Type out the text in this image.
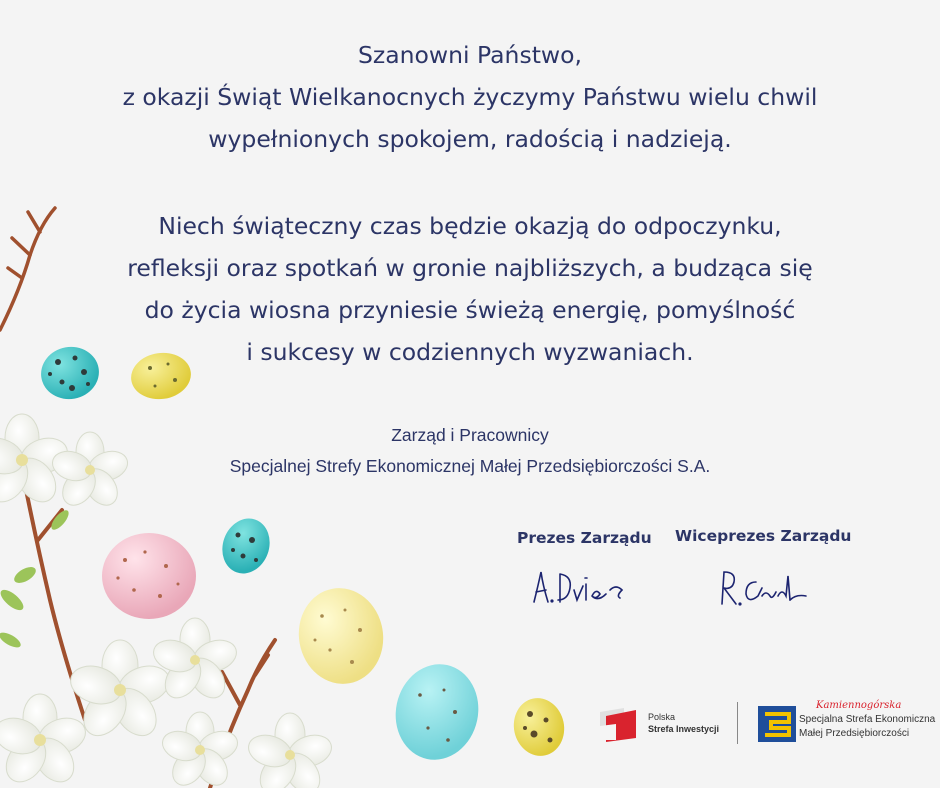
Szanowni Państwo,
z okazji Świąt Wielkanocnych życzymy Państwu wielu chwil
wypełnionych spokojem, radością i nadzieją.
Niech świąteczny czas będzie okazją do odpoczynku,
refleksji oraz spotkań w gronie najbliższych, a budząca się
do życia wiosna przyniesie świeżą energię, pomyślność
i sukcesy w codziennych wyzwaniach.
Zarząd i Pracownicy
Specjalnej Strefy Ekonomicznej Małej Przedsiębiorczości S.A.
Prezes Zarządu Wiceprezes Zarządu
Polska
Strefa Inwestycji
Kamiennogórska
Specjalna Strefa Ekonomiczna
Małej Przedsiębiorczości
